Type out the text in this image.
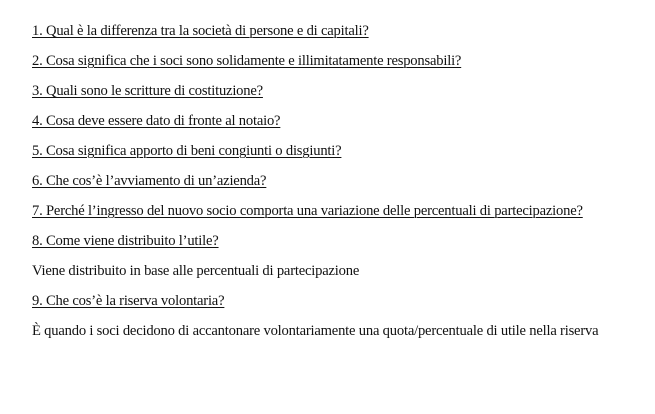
1. Qual è la differenza tra la società di persone e di capitali?

2. Cosa significa che i soci sono solidamente e illimitatamente responsabili?

3. Quali sono le scritture di costituzione?

4. Cosa deve essere dato di fronte al notaio?

5. Cosa significa apporto di beni congiunti o disgiunti?

6. Che cos’è l’avviamento di un’azienda?

7. Perché l’ingresso del nuovo socio comporta una variazione delle percentuali di partecipazione?

8. Come viene distribuito l’utile?

Viene distribuito in base alle percentuali di partecipazione

9. Che cos’è la riserva volontaria?

È quando i soci decidono di accantonare volontariamente una quota/percentuale di utile nella riserva
